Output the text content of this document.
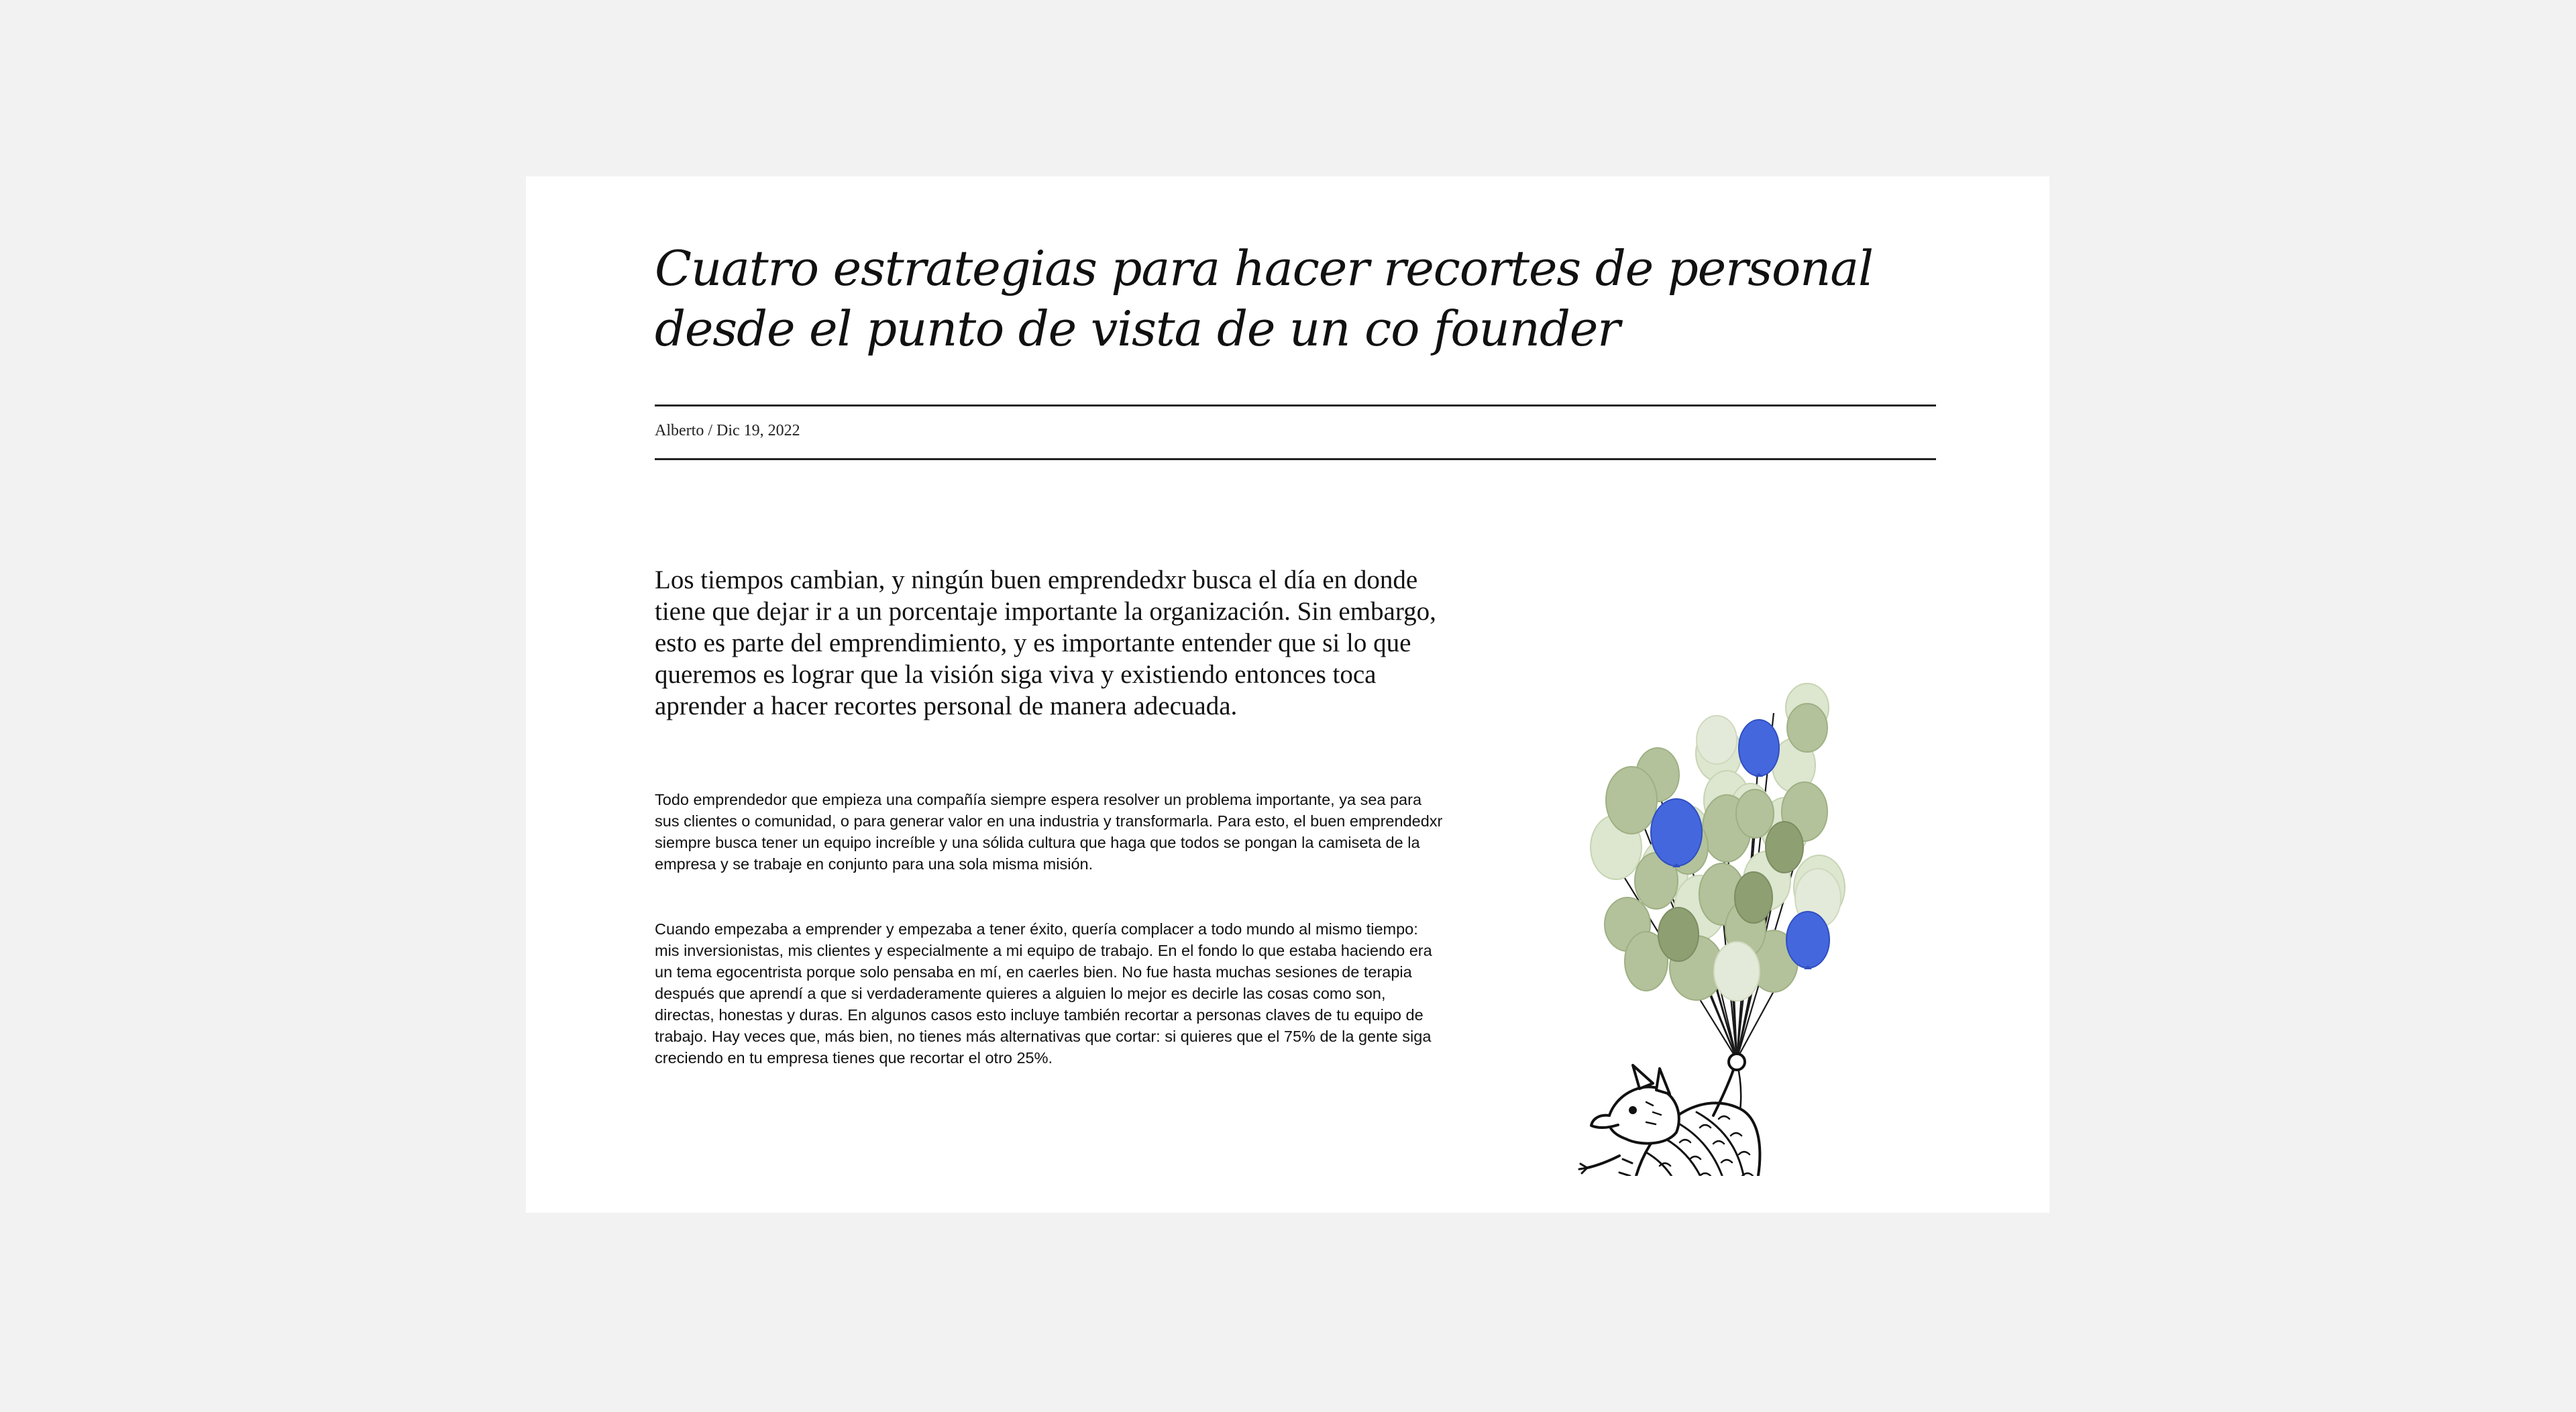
Cuatro estrategias para hacer recortes de personal desde el punto de vista de un co founder
Alberto / Dic 19, 2022

Los tiempos cambian, y ningún buen emprendedxr busca el día en donde tiene que dejar ir a un porcentaje importante la organización. Sin embargo, esto es parte del emprendimiento, y es importante entender que si lo que queremos es lograr que la visión siga viva y existiendo entonces toca aprender a hacer recortes personal de manera adecuada.

Todo emprendedor que empieza una compañía siempre espera resolver un problema importante, ya sea para sus clientes o comunidad, o para generar valor en una industria y transformarla. Para esto, el buen emprendedxr siempre busca tener un equipo increíble y una sólida cultura que haga que todos se pongan la camiseta de la empresa y se trabaje en conjunto para una sola misma misión.

Cuando empezaba a emprender y empezaba a tener éxito, quería complacer a todo mundo al mismo tiempo: mis inversionistas, mis clientes y especialmente a mi equipo de trabajo. En el fondo lo que estaba haciendo era un tema egocentrista porque solo pensaba en mí, en caerles bien. No fue hasta muchas sesiones de terapia después que aprendí a que si verdaderamente quieres a alguien lo mejor es decirle las cosas como son, directas, honestas y duras. En algunos casos esto incluye también recortar a personas claves de tu equipo de trabajo. Hay veces que, más bien, no tienes más alternativas que cortar: si quieres que el 75% de la gente siga creciendo en tu empresa tienes que recortar el otro 25%.
